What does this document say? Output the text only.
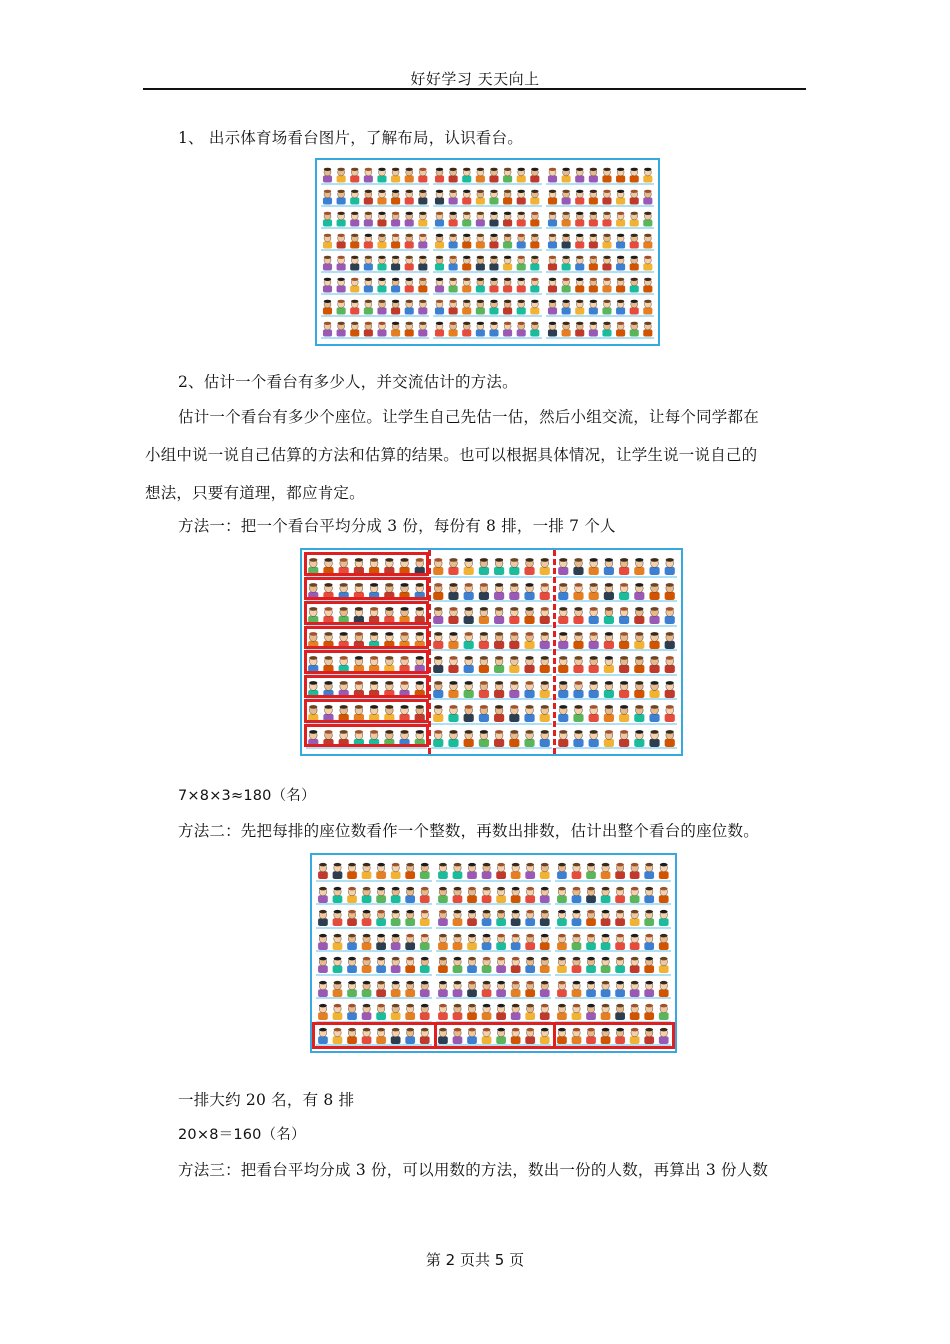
好好学习 天天向上
1、 出示体育场看台图片，了解布局，认识看台。
2、估计一个看台有多少人，并交流估计的方法。
估计一个看台有多少个座位。让学生自己先估一估，然后小组交流，让每个同学都在
小组中说一说自己估算的方法和估算的结果。也可以根据具体情况，让学生说一说自己的
想法，只要有道理，都应肯定。
方法一：把一个看台平均分成 3 份，每份有 8 排，一排 7 个人
7×8×3≈180（名）
方法二：先把每排的座位数看作一个整数，再数出排数，估计出整个看台的座位数。
一排大约 20 名，有 8 排
20×8＝160（名）
方法三：把看台平均分成 3 份，可以用数的方法，数出一份的人数，再算出 3 份人数
第 2 页共 5 页
